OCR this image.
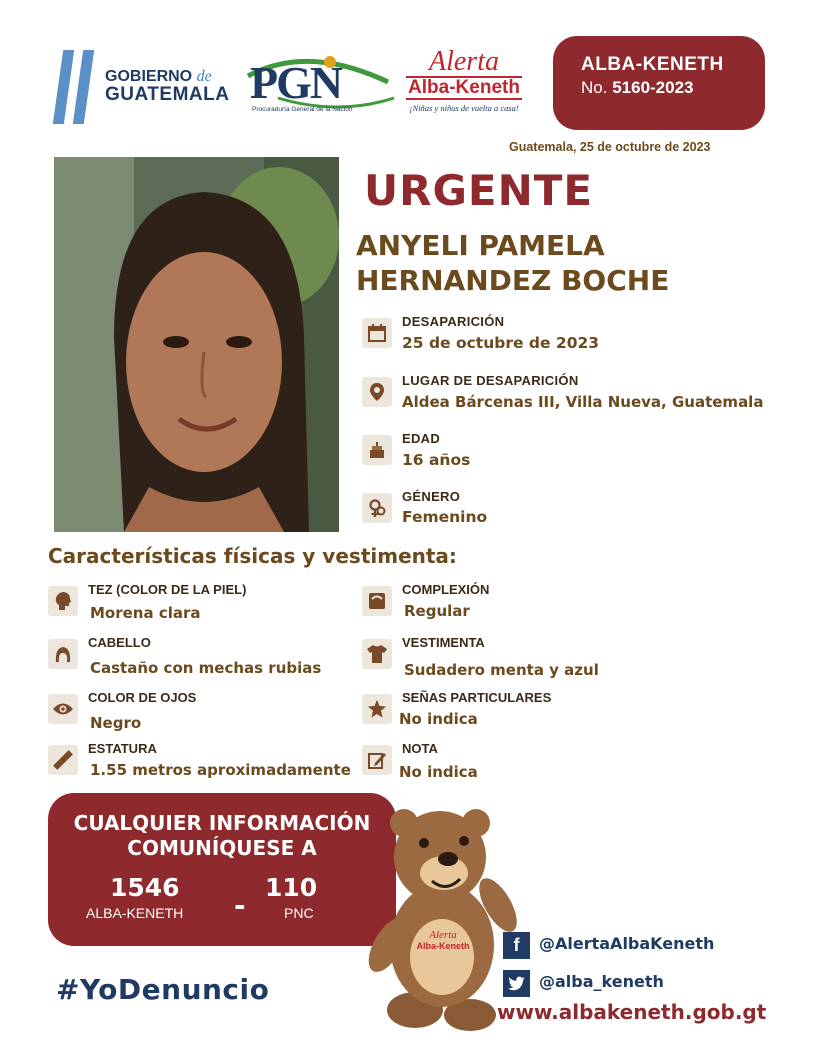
GOBIERNO de
GUATEMALA PGN
Procuraduría General de la Nación
Alerta
Alba-Keneth
¡Niñas y niños de vuelta a casa!
ALBA-KENETH
No. 5160-2023
Guatemala, 25 de octubre de 2023
URGENTE
ANYELI PAMELA
HERNANDEZ BOCHE
DESAPARICIÓN
25 de octubre de 2023
LUGAR DE DESAPARICIÓN
Aldea Bárcenas III, Villa Nueva, Guatemala
EDAD
16 años
GÉNERO
Femenino
Características físicas y vestimenta:
TEZ (COLOR DE LA PIEL)
Morena clara
CABELLO
Castaño con mechas rubias
COLOR DE OJOS
Negro
ESTATURA
1.55 metros aproximadamente
COMPLEXIÓN
Regular
VESTIMENTA
Sudadero menta y azul
SEÑAS PARTICULARES
No indica
NOTA
No indica
CUALQUIER INFORMACIÓN
COMUNÍQUESE A
1546
ALBA-KENETH -
110
PNC
Alerta
Alba-Keneth
#YoDenuncio
f	@AlertaAlbaKeneth
@alba_keneth
www.albakeneth.gob.gt
